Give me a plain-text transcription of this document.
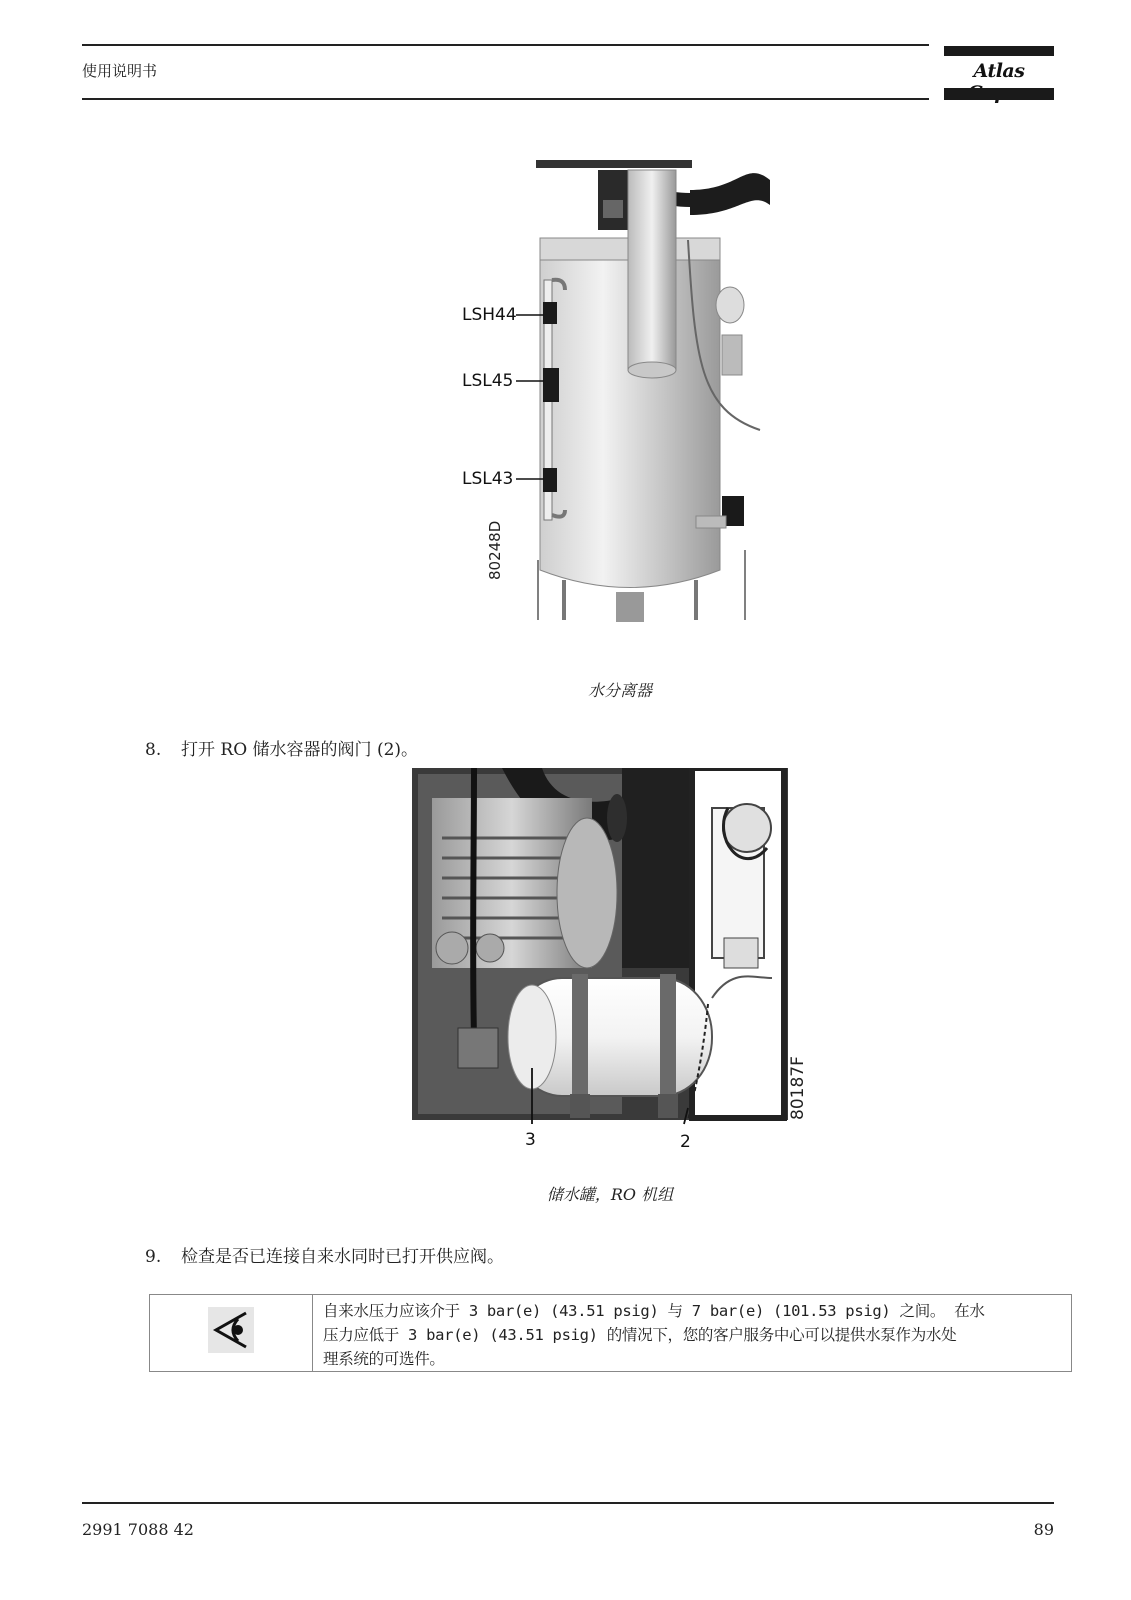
使用说明书	Atlas
LSH44
LSL45
LSL43
80248D
水分离器
8. 打开 RO 储水容器的阀门 (2)。
3	2
80187F
储水罐，RO 机组
9. 检查是否已连接自来水同时已打开供应阀。
自来水压力应该介于 3 bar(e) (43.51 psig) 与 7 bar(e) (101.53 psig) 之间。 在水
压力应低于 3 bar(e) (43.51 psig) 的情况下，您的客户服务中心可以提供水泵作为水处
理系统的可选件。
2991 7088 42	89
